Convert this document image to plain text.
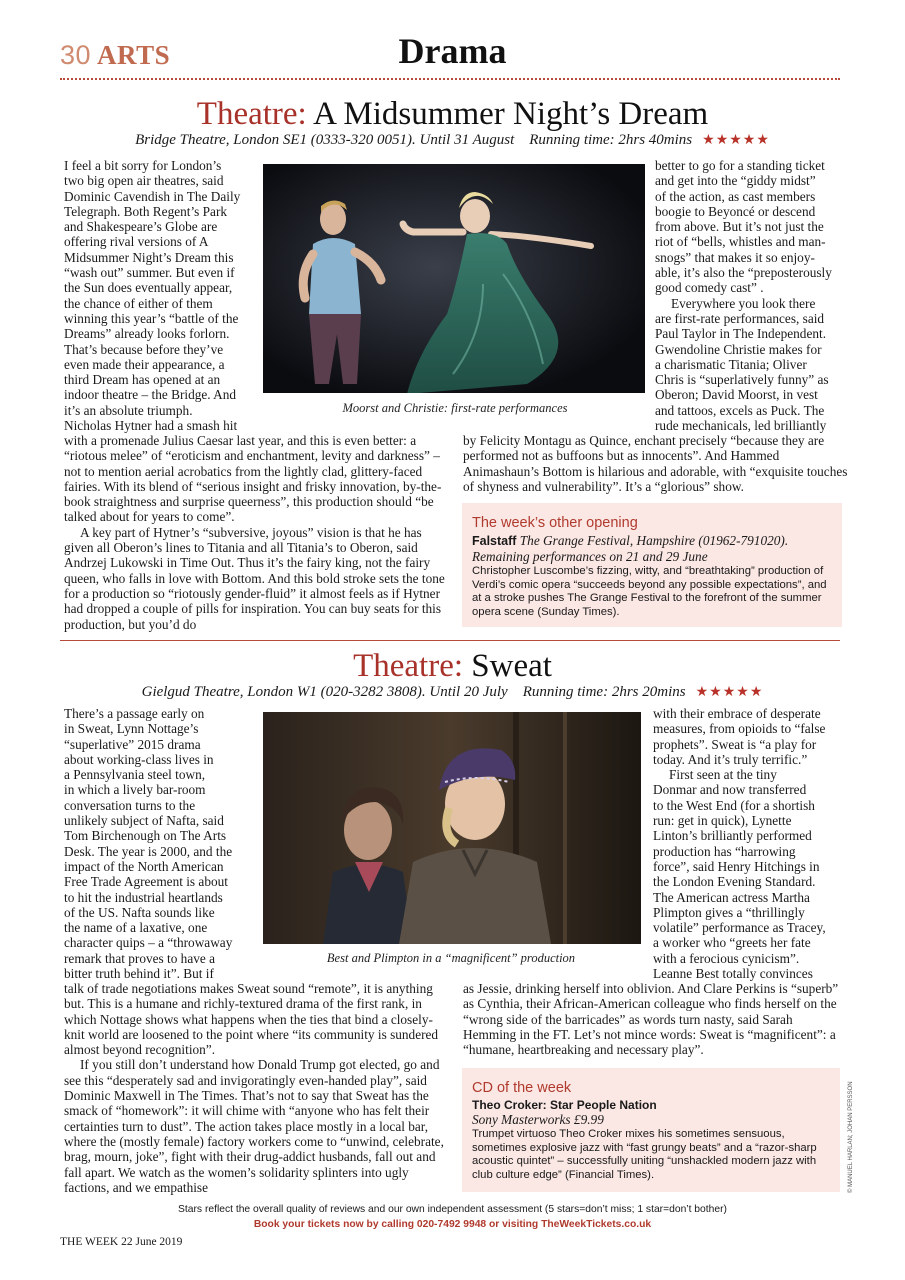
30 ARTS	Drama
Theatre: A Midsummer Night’s Dream
Bridge Theatre, London SE1 (0333-320 0051). Until 31 August Running time: 2hrs 40mins ★★★★★
I feel a bit sorry for London’s
two big open air theatres, said
Dominic Cavendish in The Daily
Telegraph. Both Regent’s Park
and Shakespeare’s Globe are
offering rival versions of A
Midsummer Night’s Dream this
“wash out” summer. But even if
the Sun does eventually appear,
the chance of either of them
winning this year’s “battle of the
Dreams” already looks forlorn.
That’s because before they’ve
even made their appearance, a
third Dream has opened at an
indoor theatre – the Bridge. And
it’s an absolute triumph.
Nicholas Hytner had a smash hit
Moorst and Christie: first-rate performances
better to go for a standing ticket
and get into the “giddy midst”
of the action, as cast members
boogie to Beyoncé or descend
from above. But it’s not just the
riot of “bells, whistles and man-
snogs” that makes it so enjoy-
able, it’s also the “preposterously
good comedy cast” .
Everywhere you look there
are first-rate performances, said
Paul Taylor in The Independent.
Gwendoline Christie makes for
a charismatic Titania; Oliver
Chris is “superlatively funny” as
Oberon; David Moorst, in vest
and tattoos, excels as Puck. The
rude mechanicals, led brilliantly

with a promenade Julius Caesar last year, and this is even better: a “riotous melee” of “eroticism and enchantment, levity and darkness” – not to mention aerial acrobatics from the lightly clad, glittery-faced fairies. With its blend of “serious insight and frisky innovation, by-the-book straightness and surprise queerness”, this production should “be talked about for years to come”.

A key part of Hytner’s “subversive, joyous” vision is that he has given all Oberon’s lines to Titania and all Titania’s to Oberon, said Andrzej Lukowski in Time Out. Thus it’s the fairy king, not the fairy queen, who falls in love with Bottom. And this bold stroke sets the tone for a production so “riotously gender-fluid” it almost feels as if Hytner had dropped a couple of pills for inspiration. You can buy seats for this production, but you’d do

by Felicity Montagu as Quince, enchant precisely “because they are performed not as buffoons but as innocents”. And Hammed Animashaun’s Bottom is hilarious and adorable, with “exquisite touches of shyness and vulnerability”. It’s a “glorious” show.

The week’s other opening
Falstaff The Grange Festival, Hampshire (01962-791020). Remaining performances on 21 and 29 June
Christopher Luscombe’s fizzing, witty, and “breathtaking” production of Verdi’s comic opera “succeeds beyond any possible expectations”, and at a stroke pushes The Grange Festival to the forefront of the summer opera scene (Sunday Times).
Theatre: Sweat
Gielgud Theatre, London W1 (020-3282 3808). Until 20 July Running time: 2hrs 20mins ★★★★★
There’s a passage early on
in Sweat, Lynn Nottage’s
“superlative” 2015 drama
about working-class lives in
a Pennsylvania steel town,
in which a lively bar-room
conversation turns to the
unlikely subject of Nafta, said
Tom Birchenough on The Arts
Desk. The year is 2000, and the
impact of the North American
Free Trade Agreement is about
to hit the industrial heartlands
of the US. Nafta sounds like
the name of a laxative, one
character quips – a “throwaway
remark that proves to have a
bitter truth behind it”. But if
Best and Plimpton in a “magnificent” production
with their embrace of desperate
measures, from opioids to “false
prophets”. Sweat is “a play for
today. And it’s truly terrific.”
First seen at the tiny
Donmar and now transferred
to the West End (for a shortish
run: get in quick), Lynette
Linton’s brilliantly performed
production has “harrowing
force”, said Henry Hitchings in
the London Evening Standard.
The American actress Martha
Plimpton gives a “thrillingly
volatile” performance as Tracey,
a worker who “greets her fate
with a ferocious cynicism”.
Leanne Best totally convinces

talk of trade negotiations makes Sweat sound “remote”, it is anything but. This is a humane and richly-textured drama of the first rank, in which Nottage shows what happens when the ties that bind a closely-knit world are loosened to the point where “its community is sundered almost beyond recognition”.

If you still don’t understand how Donald Trump got elected, go and see this “desperately sad and invigoratingly even-handed play”, said Dominic Maxwell in The Times. That’s not to say that Sweat has the smack of “homework”: it will chime with “anyone who has felt their certainties turn to dust”. The action takes place mostly in a local bar, where the (mostly female) factory workers come to “unwind, celebrate, brag, mourn, joke”, fight with their drug-addict husbands, fall out and fall apart. We watch as the women’s solidarity splinters into ugly factions, and we empathise

as Jessie, drinking herself into oblivion. And Clare Perkins is “superb” as Cynthia, their African-American colleague who finds herself on the “wrong side of the barricades” as words turn nasty, said Sarah Hemming in the FT. Let’s not mince words: Sweat is “magnificent”: a “humane, heartbreaking and necessary play”.

CD of the week
Theo Croker: Star People Nation
Sony Masterworks £9.99
Trumpet virtuoso Theo Croker mixes his sometimes sensuous, sometimes explosive jazz with “fast grungy beats” and a “razor-sharp acoustic quintet” – successfully uniting “unshackled modern jazz with club culture edge” (Financial Times).	© MANUEL HARLAN; JOHAN PERSSON
Stars reflect the overall quality of reviews and our own independent assessment (5 stars=don’t miss; 1 star=don’t bother)
Book your tickets now by calling 020-7492 9948 or visiting TheWeekTickets.co.uk
THE WEEK 22 June 2019
